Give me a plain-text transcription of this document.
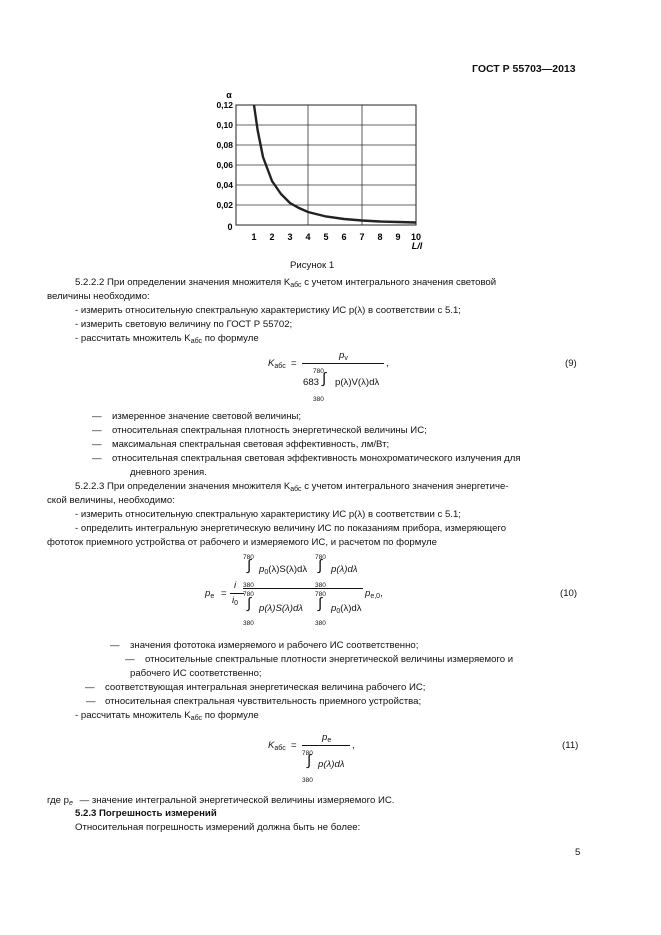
ГОСТ Р 55703—2013
0,02
0,04
0,06
0,08
0,10
0,12
0
1 2 3 4 5 6 7 8 9 10
α
L/l
Рисунок 1
5.2.2.2 При определении значения множителя $K_{абс}$ с учетом интегрального значения световой
величины необходимо:
- измерить относительную спектральную характеристику ИС p(λ) в соответствии с 5.1;
- измерить световую величину по ГОСТ Р 55702;
- рассчитать множитель $K_{абс}$ по формуле
$K_{абс}$ =
$p_v$	,
780
683 ∫ p(λ)V(λ)dλ
380
(9)
— измеренное значение световой величины;
— относительная спектральная плотность энергетической величины ИС;
— максимальная спектральная световая эффективность, лм/Вт;
— относительная спектральная световая эффективность монохроматического излучения для
дневного зрения.
5.2.2.3 При определении значения множителя $K_{абс}$ с учетом интегрального значения энергетиче-
ской величины, необходимо:
- измерить относительную спектральную характеристику ИС p(λ) в соответствии с 5.1;
- определить интегральную энергетическую величину ИС по показаниям прибора, измеряющего
фототок приемного устройства от рабочего и измеряемого ИС, и расчетом по формуле
$p_e$ =
i
$i_0$
780
∫ $p_0(\lambda)S(\lambda)d\lambda$
380
780
∫ p(λ)dλ
380
780
∫ p(λ)S(λ)dλ
380
780
∫ $p_0(\lambda)d\lambda$
380
$p_{e,0}$,	(10)
— значения фототока измеряемого и рабочего ИС соответственно;
— относительные спектральные плотности энергетической величины измеряемого и
— соответствующая интегральная энергетическая величина рабочего ИС;
— относительная спектральная чувствительность приемного устройства;
рабочего ИС соответственно;
- рассчитать множитель $K_{абс}$ по формуле
$K_{абс}$ =
$p_e$ ,
780
∫ p(λ)dλ
380
(11)
где $p_e$ — значение интегральной энергетической величины измеряемого ИС.
5.2.3 Погрешность измерений
Относительная погрешность измерений должна быть не более:
5
